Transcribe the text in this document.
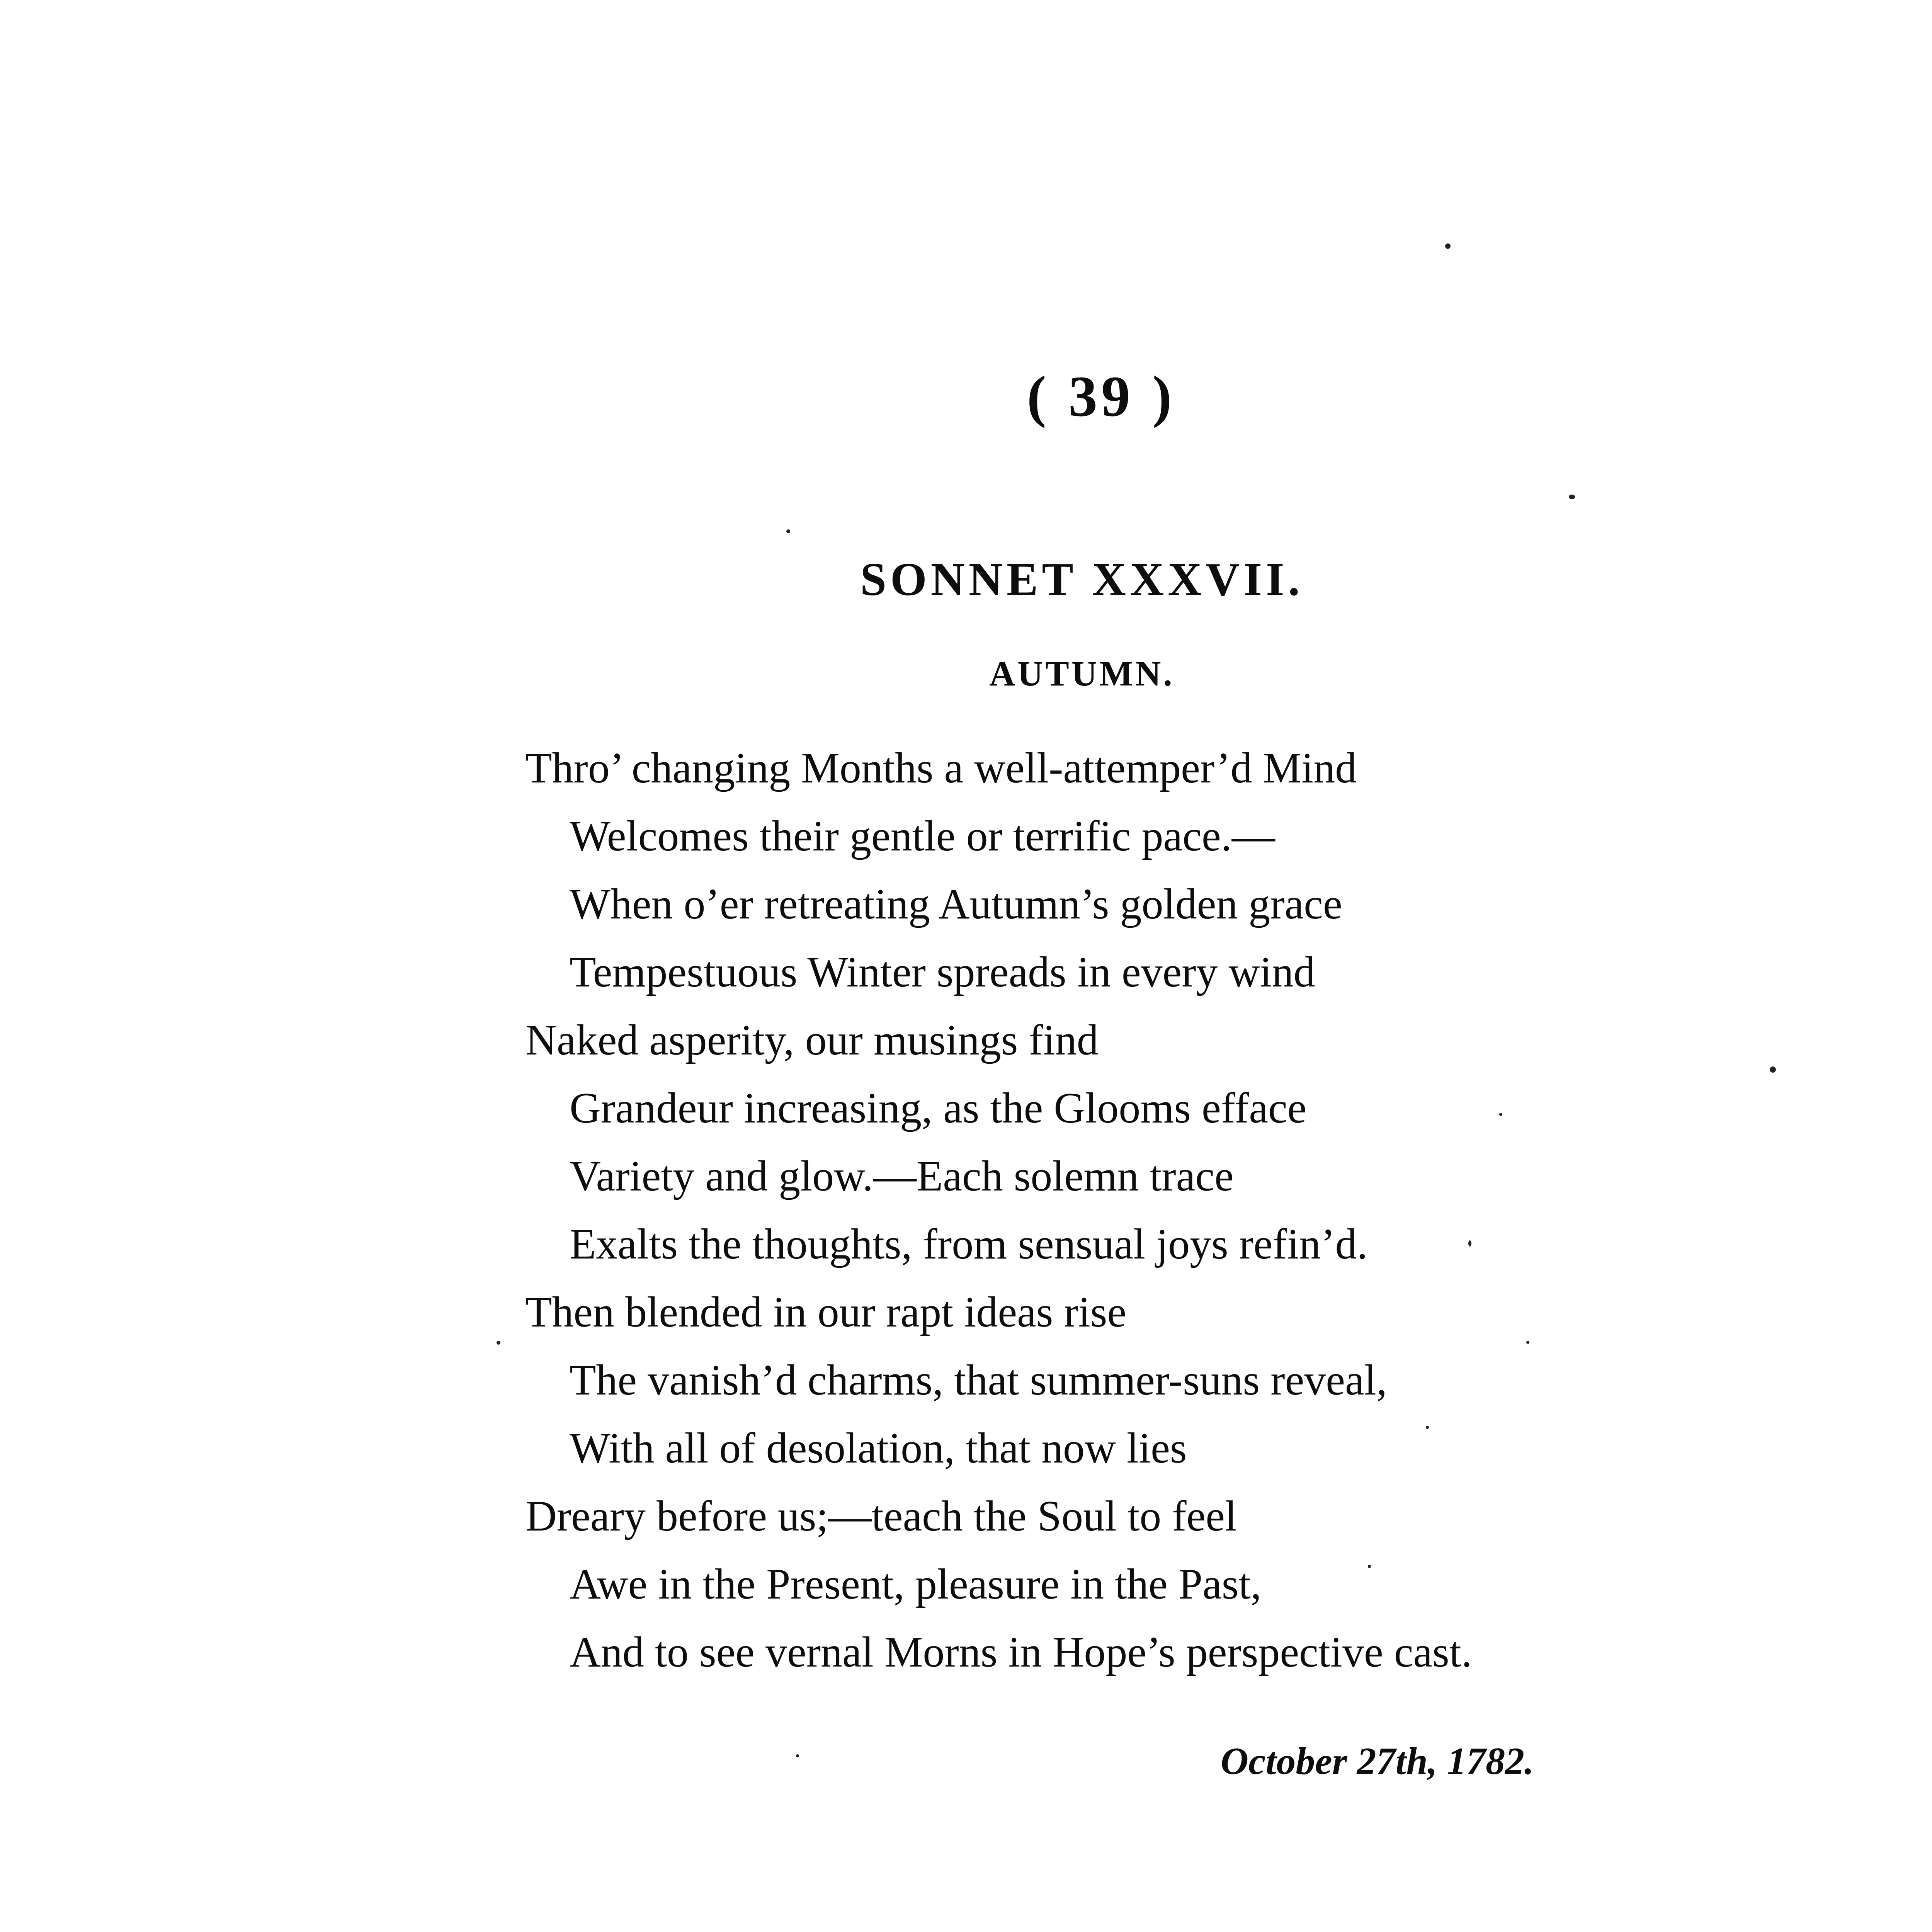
( 39 )
SONNET XXXVII.
AUTUMN.
Thro’ changing Months a well-attemper’d Mind
Welcomes their gentle or terrific pace.—
When o’er retreating Autumn’s golden grace
Tempestuous Winter spreads in every wind
Naked asperity, our musings find
Grandeur increasing, as the Glooms efface
Variety and glow.—Each solemn trace
Exalts the thoughts, from sensual joys refin’d.
Then blended in our rapt ideas rise
The vanish’d charms, that summer-suns reveal,
With all of desolation, that now lies
Dreary before us;—teach the Soul to feel
Awe in the Present, pleasure in the Past,
And to see vernal Morns in Hope’s perspective cast.
October 27th, 1782.
